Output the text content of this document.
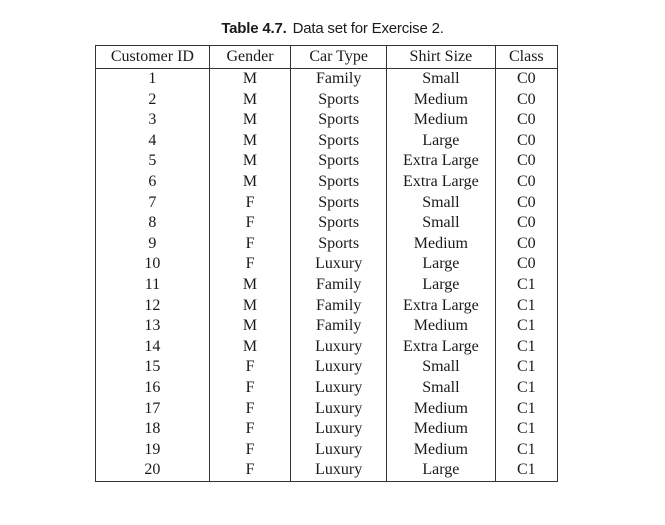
Table 4.7. Data set for Exercise 2.
Customer ID	Gender	Car Type	Shirt Size	Class
1	M	Family	Small	C0
2	M	Sports	Medium	C0
3	M	Sports	Medium	C0
4	M	Sports	Large	C0
5	M	Sports	Extra Large	C0
6	M	Sports	Extra Large	C0
7	F	Sports	Small	C0
8	F	Sports	Small	C0
9	F	Sports	Medium	C0
10	F	Luxury	Large	C0
11	M	Family	Large	C1
12	M	Family	Extra Large	C1
13	M	Family	Medium	C1
14	M	Luxury	Extra Large	C1
15	F	Luxury	Small	C1
16	F	Luxury	Small	C1
17	F	Luxury	Medium	C1
18	F	Luxury	Medium	C1
19	F	Luxury	Medium	C1
20	F	Luxury	Large	C1
